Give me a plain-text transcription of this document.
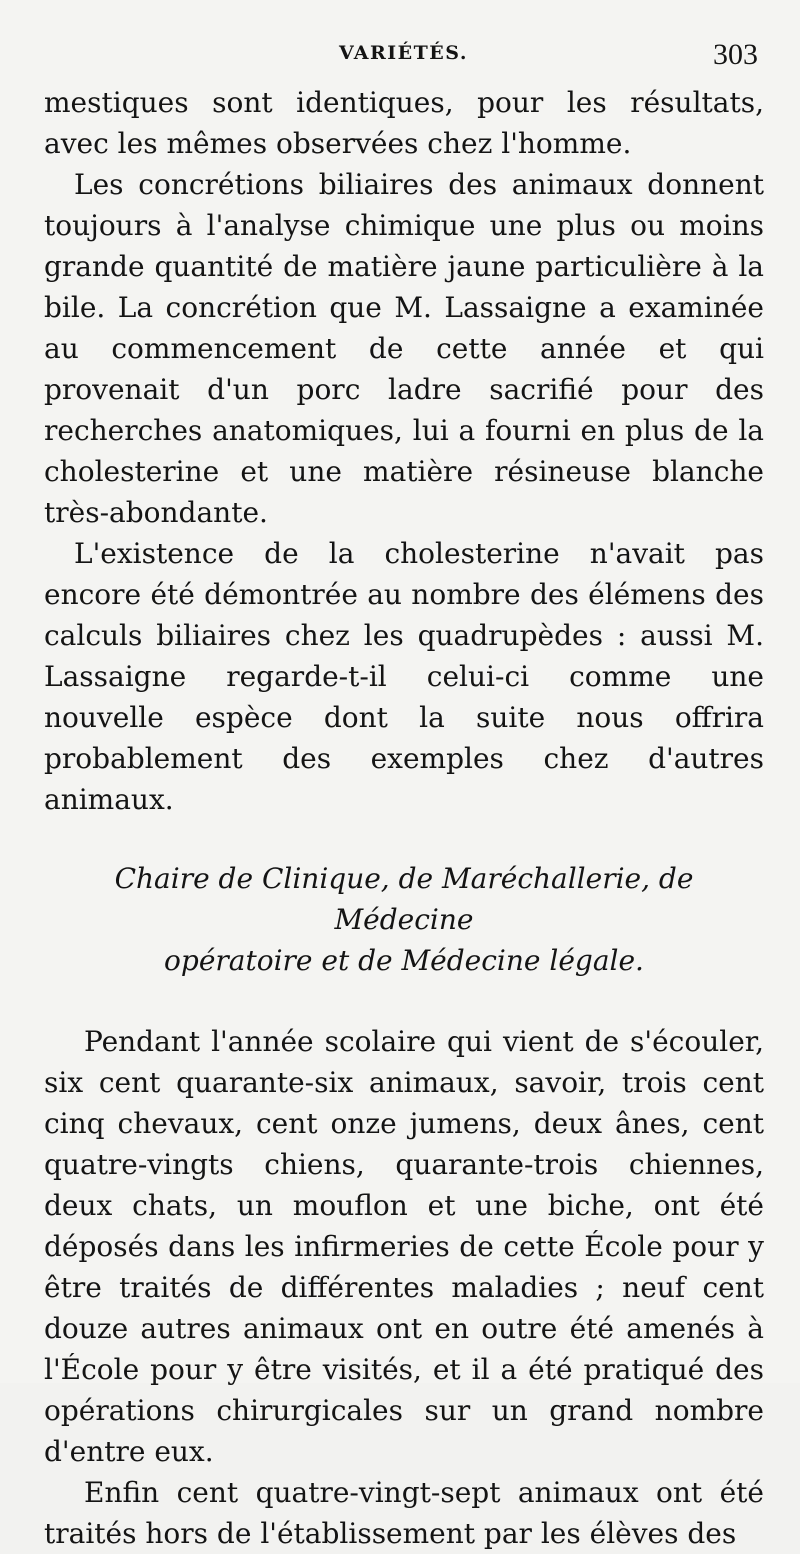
VARIÉTÉS.	303

mestiques sont identiques, pour les résultats, avec les mêmes observées chez l'homme.

Les concrétions biliaires des animaux donnent toujours à l'analyse chimique une plus ou moins grande quantité de matière jaune particulière à la bile. La concrétion que M. Lassaigne a examinée au commencement de cette année et qui provenait d'un porc ladre sacrifié pour des recherches anatomiques, lui a fourni en plus de la cholesterine et une matière résineuse blanche très-abondante.

L'existence de la cholesterine n'avait pas encore été démontrée au nombre des élémens des calculs biliaires chez les quadrupèdes : aussi M. Lassaigne regarde-t-il celui-ci comme une nouvelle espèce dont la suite nous offrira probablement des exemples chez d'autres animaux.

Chaire de Clinique, de Maréchallerie, de Médecine
opératoire et de Médecine légale.

Pendant l'année scolaire qui vient de s'écouler, six cent quarante-six animaux, savoir, trois cent cinq chevaux, cent onze jumens, deux ânes, cent quatre-vingts chiens, quarante-trois chiennes, deux chats, un mouflon et une biche, ont été déposés dans les infirmeries de cette École pour y être traités de différentes maladies ; neuf cent douze autres animaux ont en outre été amenés à l'École pour y être visités, et il a été pratiqué des opérations chirurgicales sur un grand nombre d'entre eux.

Enfin cent quatre-vingt-sept animaux ont été traités hors de l'établissement par les élèves des
